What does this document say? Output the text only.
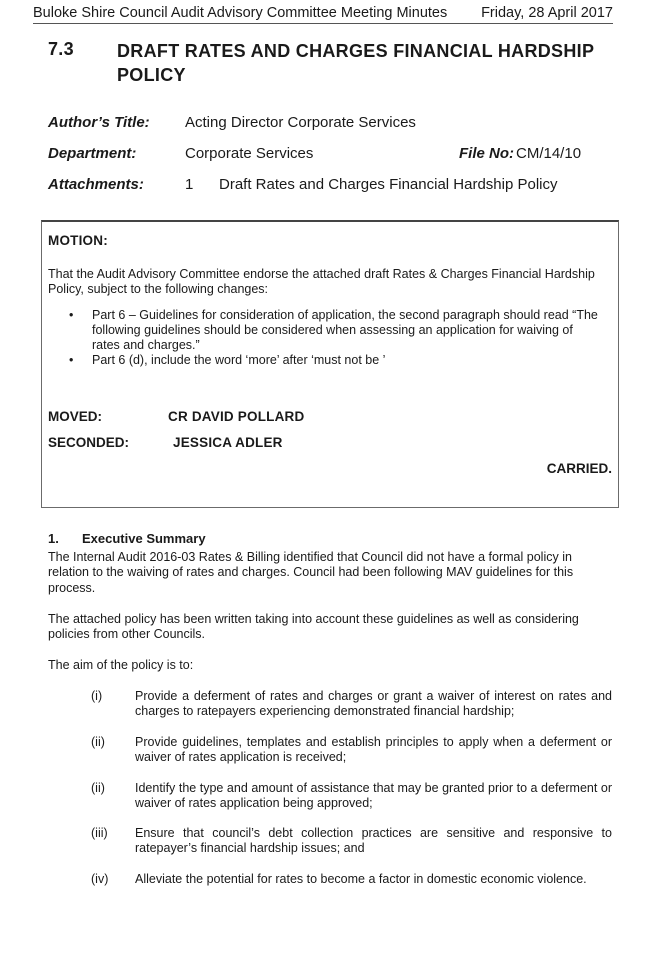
Buloke Shire Council Audit Advisory Committee Meeting Minutes Friday, 28 April 2017
7.3 DRAFT RATES AND CHARGES FINANCIAL HARDSHIP POLICY
Author’s Title: Acting Director Corporate Services
Department:	Corporate Services	File No: CM/14/10
Attachments:	1 Draft Rates and Charges Financial Hardship Policy
MOTION:
That the Audit Advisory Committee endorse the attached draft Rates & Charges Financial Hardship Policy, subject to the following changes:
• Part 6 – Guidelines for consideration of application, the second paragraph should read “The following guidelines should be considered when assessing an application for waiving of rates and charges.”
• Part 6 (d), include the word ‘more’ after ‘must not be ’
MOVED:	CR DAVID POLLARD
SECONDED:	JESSICA ADLER
CARRIED.
1. Executive Summary
The Internal Audit 2016-03 Rates & Billing identified that Council did not have a formal policy in relation to the waiving of rates and charges. Council had been following MAV guidelines for this process.
The attached policy has been written taking into account these guidelines as well as considering policies from other Councils.
The aim of the policy is to:
(i)	Provide a deferment of rates and charges or grant a waiver of interest on rates and charges to ratepayers experiencing demonstrated financial hardship;
(ii) Provide guidelines, templates and establish principles to apply when a deferment or waiver of rates application is received;
(ii) Identify the type and amount of assistance that may be granted prior to a deferment or waiver of rates application being approved;
(iii) Ensure that council’s debt collection practices are sensitive and responsive to ratepayer’s financial hardship issues; and
(iv) Alleviate the potential for rates to become a factor in domestic economic violence.
